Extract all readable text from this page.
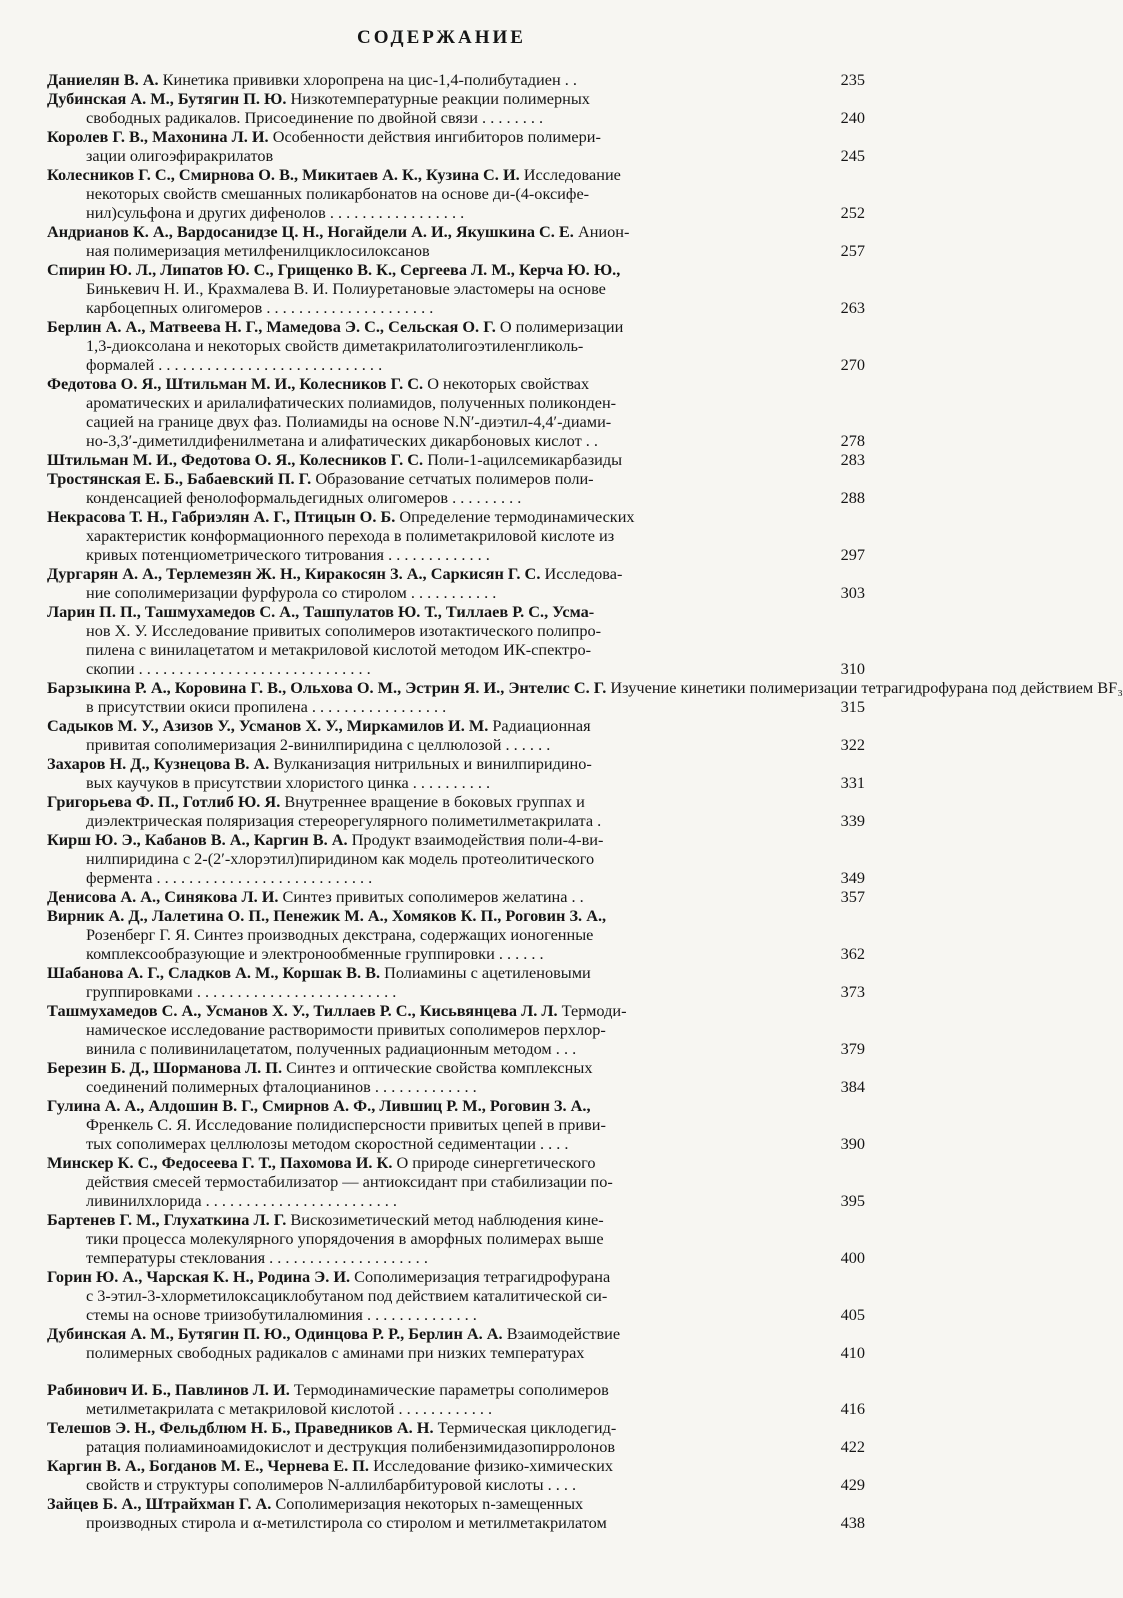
СОДЕРЖАНИЕ
Даниелян В. А. Кинетика прививки хлоропрена на цис-1,4-полибутадиен . .	235
Дубинская А. М., Бутягин П. Ю. Низкотемпературные реакции полимерных
свободных радикалов. Присоединение по двойной связи . . . . . . . .	240
Королев Г. В., Махонина Л. И. Особенности действия ингибиторов полимери-
зации олигоэфиракрилатов	245
Колесников Г. С., Смирнова О. В., Микитаев А. К., Кузина С. И. Исследование
некоторых свойств смешанных поликарбонатов на основе ди-(4-оксифе-
нил)сульфона и других дифенолов . . . . . . . . . . . . . . . . .	252
Андрианов К. А., Вардосанидзе Ц. Н., Ногайдели А. И., Якушкина С. Е. Анион-
ная полимеризация метилфенилциклосилоксанов	257
Спирин Ю. Л., Липатов Ю. С., Грищенко В. К., Сергеева Л. М., Керча Ю. Ю.,
Бинькевич Н. И., Крахмалева В. И. Полиуретановые эластомеры на основе
карбоцепных олигомеров . . . . . . . . . . . . . . . . . . . . .	263
Берлин А. А., Матвеева Н. Г., Мамедова Э. С., Сельская О. Г. О полимеризации
1,3-диоксолана и некоторых свойств диметакрилатолигоэтиленгликоль-
формалей . . . . . . . . . . . . . . . . . . . . . . . . . . . .	270
Федотова О. Я., Штильман М. И., Колесников Г. С. О некоторых свойствах
ароматических и арилалифатических полиамидов, полученных поликонден-
сацией на границе двух фаз. Полиамиды на основе N.N′-диэтил-4,4′-диами-
но-3,3′-диметилдифенилметана и алифатических дикарбоновых кислот . .	278
Штильман М. И., Федотова О. Я., Колесников Г. С. Поли-1-ацилсемикарбазиды	283
Тростянская Е. Б., Бабаевский П. Г. Образование сетчатых полимеров поли-
конденсацией фенолоформальдегидных олигомеров . . . . . . . . .	288
Некрасова Т. Н., Габриэлян А. Г., Птицын О. Б. Определение термодинамических
характеристик конформационного перехода в полиметакриловой кислоте из
кривых потенциометрического титрования . . . . . . . . . . . . .	297
Дургарян А. А., Терлемезян Ж. Н., Киракосян З. А., Саркисян Г. С. Исследова-
ние сополимеризации фурфурола со стиролом . . . . . . . . . . .	303
Ларин П. П., Ташмухамедов С. А., Ташпулатов Ю. Т., Тиллаев Р. С., Усма-
нов Х. У. Исследование привитых сополимеров изотактического полипро-
пилена с винилацетатом и метакриловой кислотой методом ИК-спектро-
скопии . . . . . . . . . . . . . . . . . . . . . . . . . . . . .	310
Барзыкина Р. А., Коровина Г. В., Ольхова О. М., Эстрин Я. И., Энтелис С. Г. Изучение кинетики полимеризации тетрагидрофурана под действием BF₃
в присутствии окиси пропилена . . . . . . . . . . . . . . . . .	315
Садыков М. У., Азизов У., Усманов Х. У., Миркамилов И. М. Радиационная
привитая сополимеризация 2-винилпиридина с целлюлозой . . . . . .	322
Захаров Н. Д., Кузнецова В. А. Вулканизация нитрильных и винилпиридино-
вых каучуков в присутствии хлористого цинка . . . . . . . . . .	331
Григорьева Ф. П., Готлиб Ю. Я. Внутреннее вращение в боковых группах и
диэлектрическая поляризация стереорегулярного полиметилметакрилата .	339
Кирш Ю. Э., Кабанов В. А., Каргин В. А. Продукт взаимодействия поли-4-ви-
нилпиридина с 2-(2′-хлорэтил)пиридином как модель протеолитического
фермента . . . . . . . . . . . . . . . . . . . . . . . . . . .	349
Денисова А. А., Синякова Л. И. Синтез привитых сополимеров желатина . .	357
Вирник А. Д., Лалетина О. П., Пенежик М. А., Хомяков К. П., Роговин З. А.,
Розенберг Г. Я. Синтез производных декстрана, содержащих ионогенные
комплексообразующие и электронообменные группировки . . . . . .	362
Шабанова А. Г., Сладков А. М., Коршак В. В. Полиамины с ацетиленовыми
группировками . . . . . . . . . . . . . . . . . . . . . . . . .	373
Ташмухамедов С. А., Усманов Х. У., Тиллаев Р. С., Кисьвянцева Л. Л. Термоди-
намическое исследование растворимости привитых сополимеров перхлор-
винила с поливинилацетатом, полученных радиационным методом . . .	379
Березин Б. Д., Шорманова Л. П. Синтез и оптические свойства комплексных
соединений полимерных фталоцианинов . . . . . . . . . . . . .	384
Гулина А. А., Алдошин В. Г., Смирнов А. Ф., Лившиц Р. М., Роговин З. А.,
Френкель С. Я. Исследование полидисперсности привитых цепей в приви-
тых сополимерах целлюлозы методом скоростной седиментации . . . .	390
Минскер К. С., Федосеева Г. Т., Пахомова И. К. О природе синергетического
действия смесей термостабилизатор — антиоксидант при стабилизации по-
ливинилхлорида . . . . . . . . . . . . . . . . . . . . . . . .	395
Бартенев Г. М., Глухаткина Л. Г. Вискозиметический метод наблюдения кине-
тики процесса молекулярного упорядочения в аморфных полимерах выше
температуры стеклования . . . . . . . . . . . . . . . . . . . .	400
Горин Ю. А., Чарская К. Н., Родина Э. И. Сополимеризация тетрагидрофурана
с 3-этил-3-хлорметилоксациклобутаном под действием каталитической си-
стемы на основе триизобутилалюминия . . . . . . . . . . . . . .	405
Дубинская А. М., Бутягин П. Ю., Одинцова Р. Р., Берлин А. А. Взаимодействие
полимерных свободных радикалов с аминами при низких температурах	410
Рабинович И. Б., Павлинов Л. И. Термодинамические параметры сополимеров
метилметакрилата с метакриловой кислотой . . . . . . . . . . . .	416
Телешов Э. Н., Фельдблюм Н. Б., Праведников А. Н. Термическая циклодегид-
ратация полиаминоамидокислот и деструкция полибензимидазопирролонов	422
Каргин В. А., Богданов М. Е., Чернева Е. П. Исследование физико-химических
свойств и структуры сополимеров N-аллилбарбитуровой кислоты . . . .	429
Зайцев Б. А., Штрайхман Г. А. Сополимеризация некоторых n-замещенных
производных стирола и α-метилстирола со стиролом и метилметакрилатом	438
